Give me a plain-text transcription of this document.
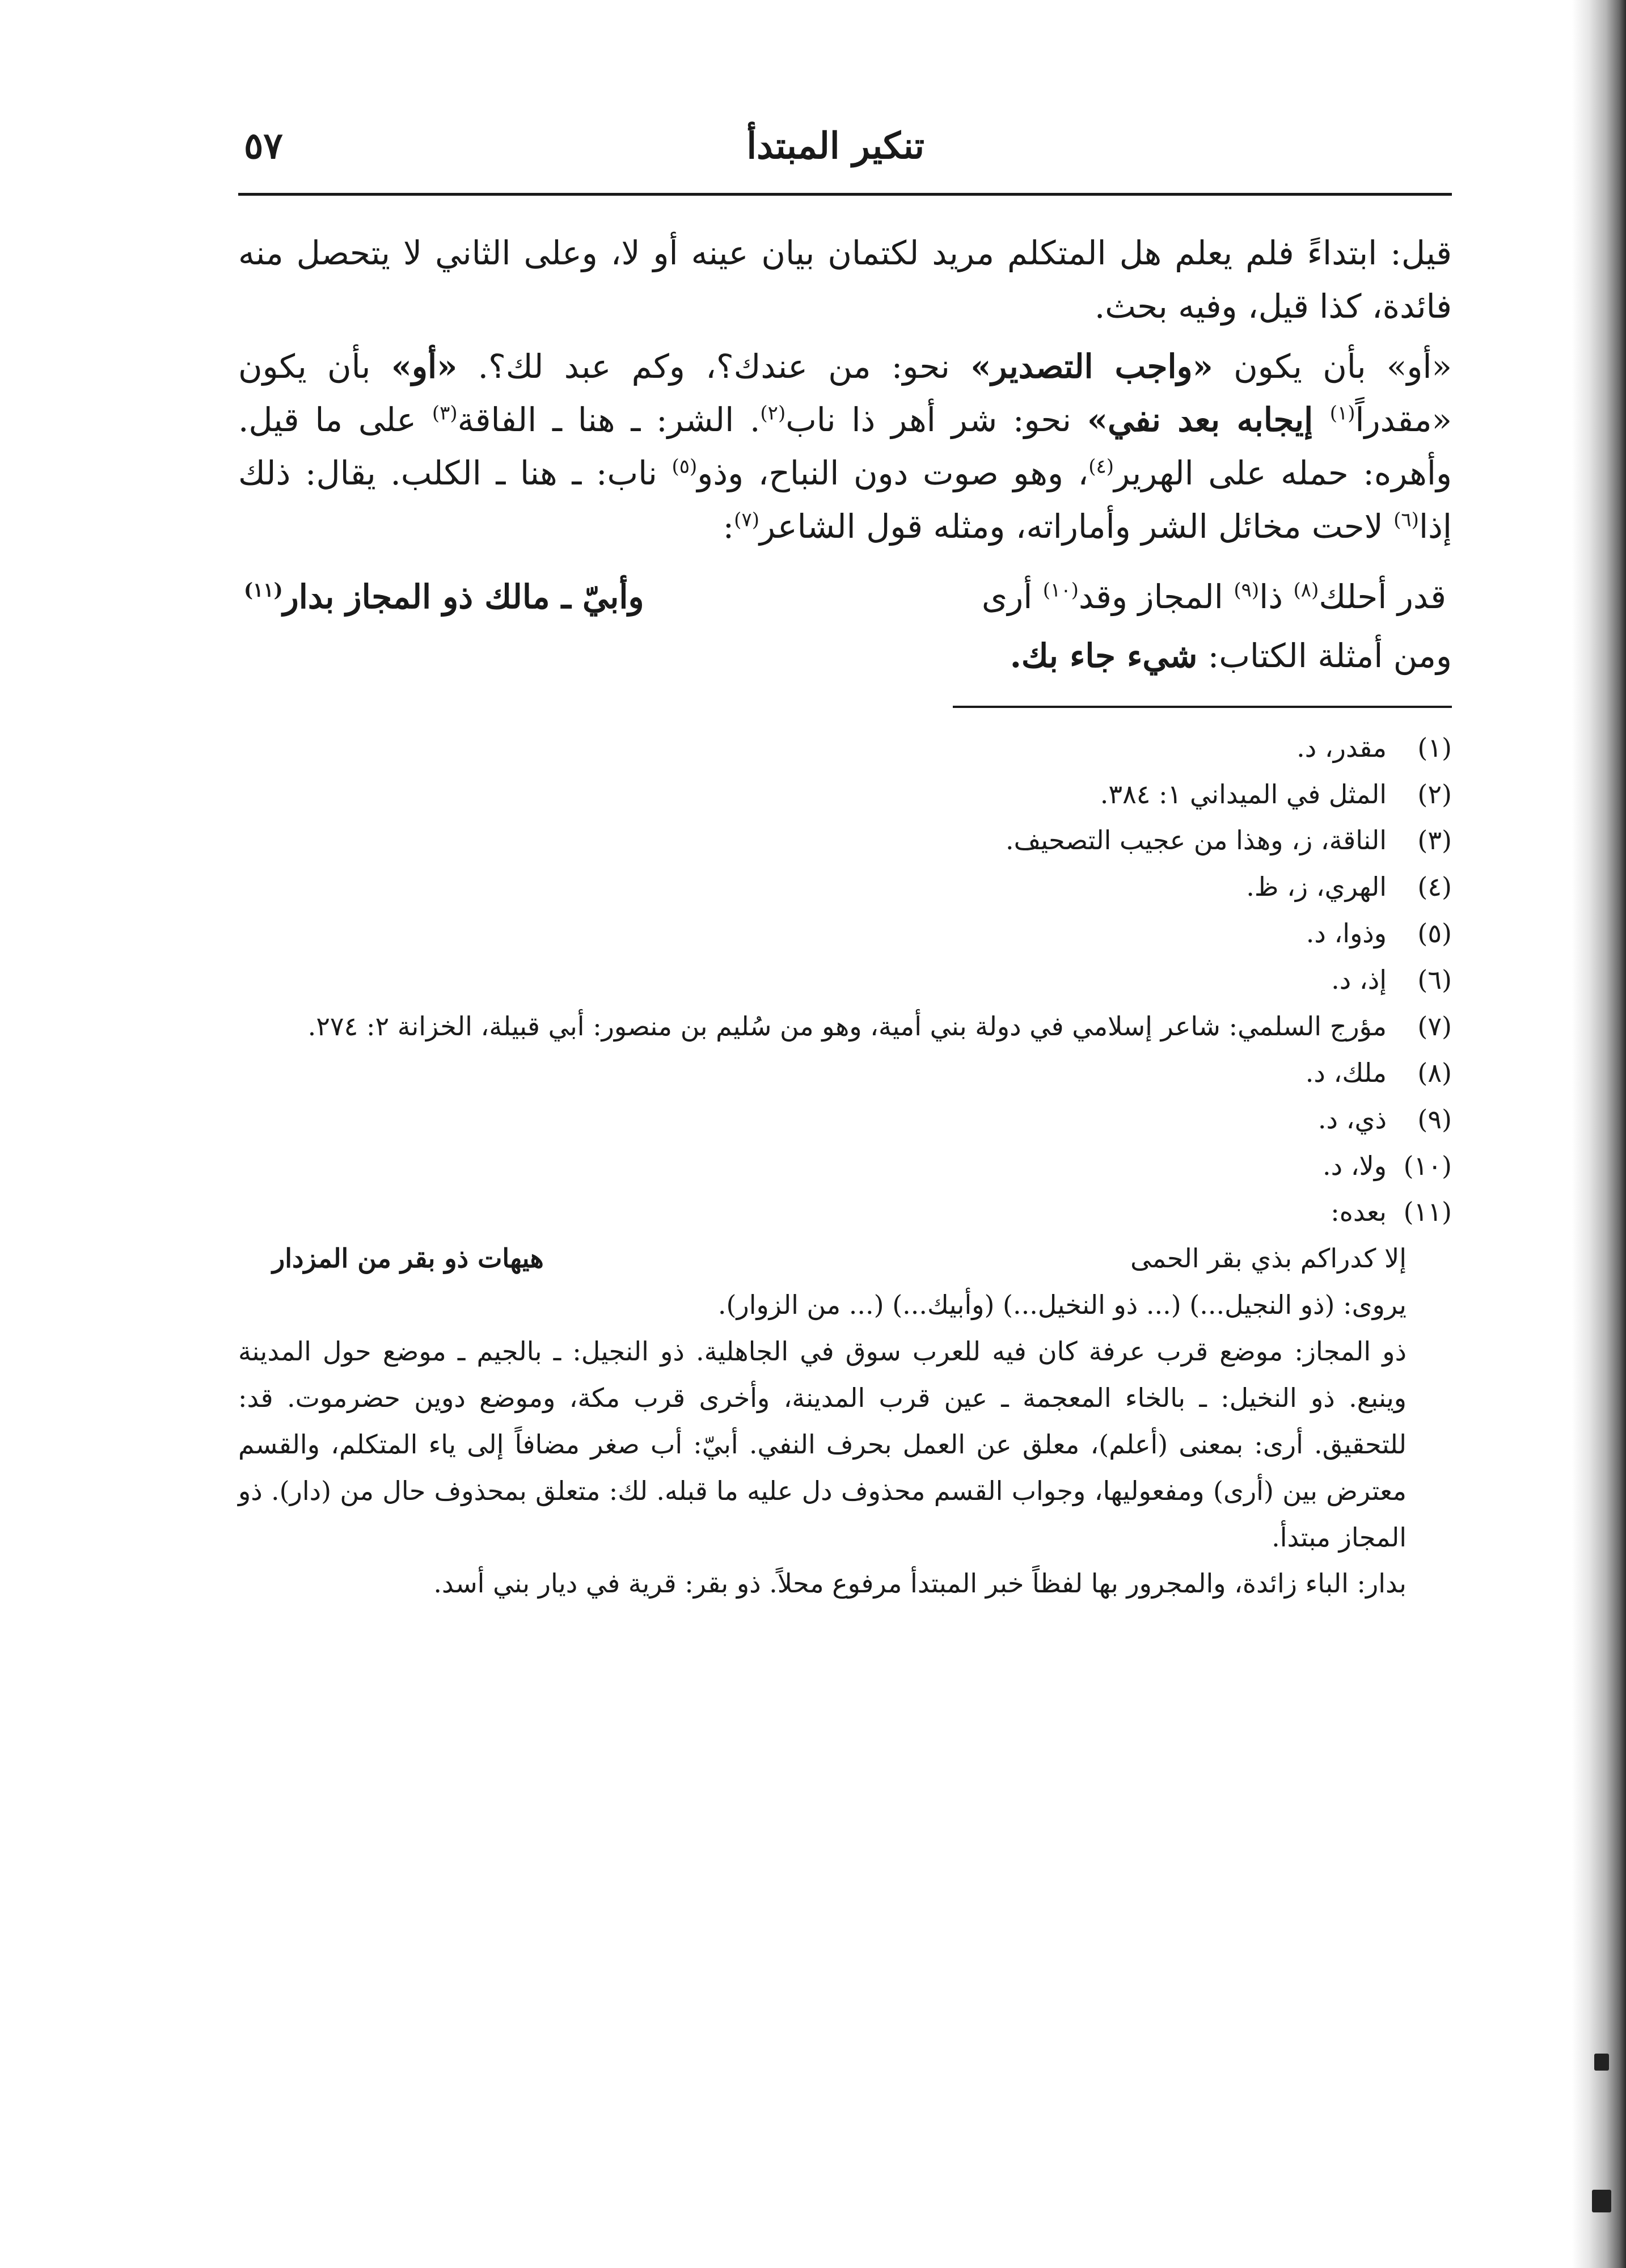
تنكير المبتدأ
٥٧

قيل: ابتداءً فلم يعلم هل المتكلم مريد لكتمان بيان عينه أو لا، وعلى الثاني لا يتحصل منه فائدة، كذا قيل، وفيه بحث.

«أو» بأن يكون «واجب التصدير» نحو: من عندك؟، وكم عبد لك؟. «أو» بأن يكون «مقدراً$^{(١)}$ إيجابه بعد نفي» نحو: شر أهر ذا ناب$^{(٢)}$. الشر: ـ هنا ـ الفاقة$^{(٣)}$ على ما قيل. وأهره: حمله على الهرير$^{(٤)}$، وهو صوت دون النباح، وذو$^{(٥)}$ ناب: ـ هنا ـ الكلب. يقال: ذلك إذا$^{(٦)}$ لاحت مخائل الشر وأماراته، ومثله قول الشاعر$^{(٧)}$:

قدر أحلك$^{(٨)}$ ذا$^{(٩)}$ المجاز وقد$^{(١٠)}$ أرى
وأبيّ ـ مالك ذو المجاز بدار$^{(١١)}$

ومن أمثلة الكتاب: شيء جاء بك.

(١)
مقدر، د.
(٢)
المثل في الميداني ١: ٣٨٤.
(٣)
الناقة، ز، وهذا من عجيب التصحيف.
(٤)
الهري، ز، ظ.
(٥)
وذوا، د.
(٦)
إذ، د.
(٧)
مؤرج السلمي: شاعر إسلامي في دولة بني أمية، وهو من سُليم بن منصور: أبي قبيلة، الخزانة ٢: ٢٧٤.
(٨)
ملك، د.
(٩)
ذي، د.
(١٠)
ولا، د.
(١١)
بعده:
إلا كدراكم بذي بقر الحمى
هيهات ذو بقر من المزدار

يروى: (ذو النجيل...) (... ذو النخيل...) (وأبيك...) (... من الزوار).

ذو المجاز: موضع قرب عرفة كان فيه للعرب سوق في الجاهلية. ذو النجيل: ـ بالجيم ـ موضع حول المدينة وينبع. ذو النخيل: ـ بالخاء المعجمة ـ عين قرب المدينة، وأخرى قرب مكة، وموضع دوين حضرموت. قد: للتحقيق. أرى: بمعنى (أعلم)، معلق عن العمل بحرف النفي. أبيّ: أب صغر مضافاً إلى ياء المتكلم، والقسم معترض بين (أرى) ومفعوليها، وجواب القسم محذوف دل عليه ما قبله. لك: متعلق بمحذوف حال من (دار). ذو المجاز مبتدأ.

بدار: الباء زائدة، والمجرور بها لفظاً خبر المبتدأ مرفوع محلاً. ذو بقر: قرية في ديار بني أسد.
